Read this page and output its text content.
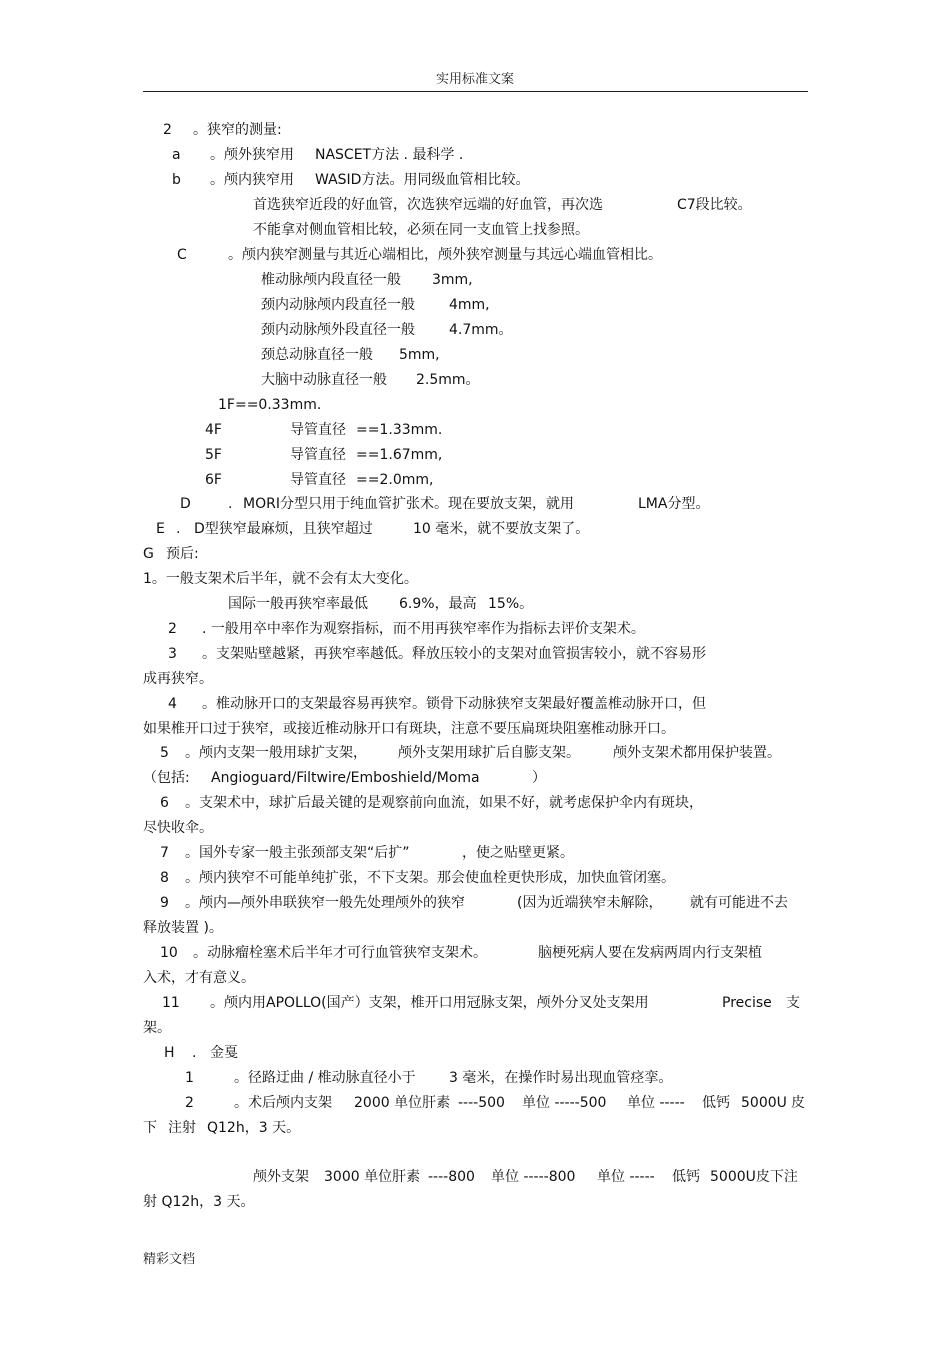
实用标准文案
2 。狭窄的测量:
a 。颅外狭窄用 NASCET方法 . 最科学 .
b 。颅内狭窄用 WASID方法。用同级血管相比较。
首选狭窄近段的好血管，次选狭窄远端的好血管，再次选	C7段比较。
不能拿对侧血管相比较，必须在同一支血管上找参照。
C	。颅内狭窄测量与其近心端相比，颅外狭窄测量与其远心端血管相比。
椎动脉颅内段直径一般 3mm,
颈内动脉颅内段直径一般 4mm,
颈内动脉颅外段直径一般 4.7mm。
颈总动脉直径一般 5mm,
大脑中动脉直径一般 2.5mm。
1F==0.33mm.
4F	导管直径 ==1.33mm.
5F	导管直径 ==1.67mm,
6F	导管直径 ==2.0mm,
D	. MORI分型只用于纯血管扩张术。现在要放支架，就用	LMA分型。
E . D型狭窄最麻烦，且狭窄超过	10 毫米，就不要放支架了。
G 预后:
1。一般支架术后半年，就不会有太大变化。
国际一般再狭窄率最低 6.9%，最高 15%。
2 . 一般用卒中率作为观察指标，而不用再狭窄率作为指标去评价支架术。
3 。支架贴壁越紧，再狭窄率越低。释放压较小的支架对血管损害较小，就不容易形
成再狭窄。
4 。椎动脉开口的支架最容易再狭窄。锁骨下动脉狭窄支架最好覆盖椎动脉开口，但
如果椎开口过于狭窄，或接近椎动脉开口有斑块，注意不要压扁斑块阻塞椎动脉开口。
5 。颅内支架一般用球扩支架， 颅外支架用球扩后自膨支架。 颅外支架术都用保护装置。
（包括: Angioguard/Filtwire/Emboshield/Moma	）
6 。支架术中，球扩后最关键的是观察前向血流，如果不好，就考虑保护伞内有斑块，
尽快收伞。
7 。国外专家一般主张颈部支架“后扩”	，使之贴壁更紧。
8 。颅内狭窄不可能单纯扩张，不下支架。那会使血栓更快形成，加快血管闭塞。
9 。颅内—颅外串联狭窄一般先处理颅外的狭窄	(因为近端狭窄未解除， 就有可能进不去
释放装置 )。
10 。动脉瘤栓塞术后半年才可行血管狭窄支架术。	脑梗死病人要在发病两周内行支架植
入术，才有意义。
11 。颅内用 APOLLO(国产）支架，椎开口用冠脉支架，颅外分叉处支架用	Precise 支
架。
H . 金戛
1	。径路迂曲 / 椎动脉直径小于 3 毫米，在操作时易出现血管痉挛。
2	。术后颅内支架 2000 单位肝素 ----500 单位 -----500 单位 ----- 低钙 5000U 皮
下 注射 Q12h，3 天。
颅外支架 3000 单位肝素 ----800 单位 -----800 单位 ----- 低钙 5000U皮下注
射 Q12h，3 天。
精彩文档
